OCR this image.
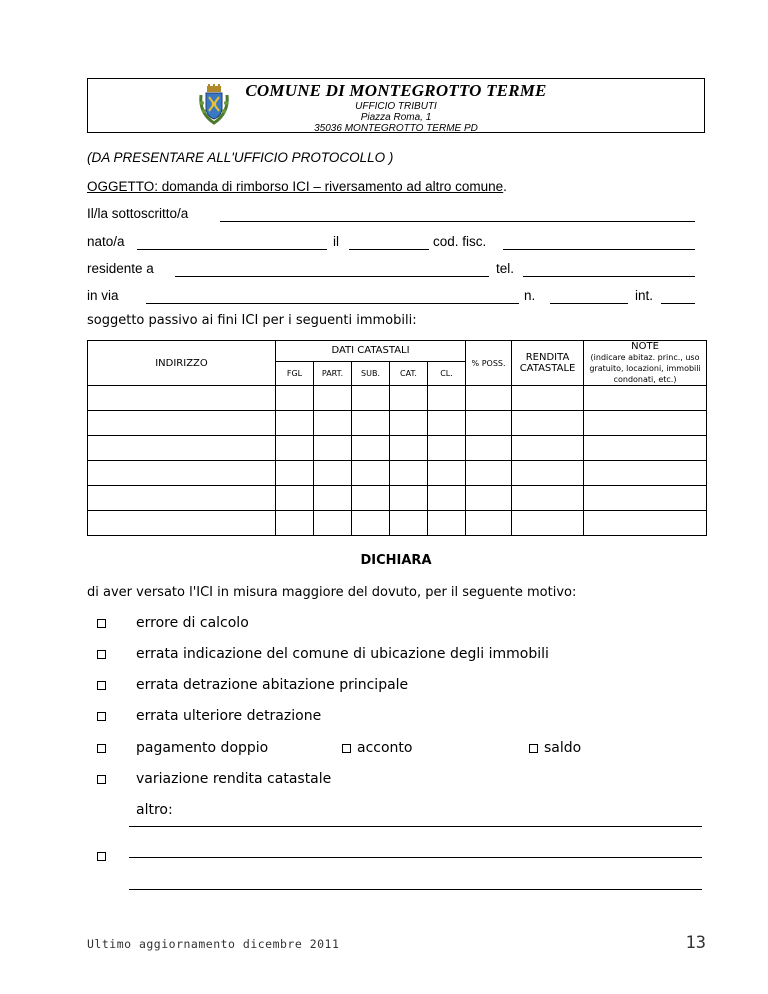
COMUNE DI MONTEGROTTO TERME
UFFICIO TRIBUTI
Piazza Roma, 1
35036 MONTEGROTTO TERME PD
(DA PRESENTARE ALL'UFFICIO PROTOCOLLO )
OGGETTO: domanda di rimborso ICI – riversamento ad altro comune.
Il/la sottoscritto/a
nato/a	il	cod. fisc.
residente a	tel.
in via	n.	int.
soggetto passivo ai fini ICI per i seguenti immobili:
INDIRIZZO	DATI CATASTALI					% POSS.	RENDITA CATASTALE	NOTE
(indicare abitaz. princ., uso gratuito, locazioni, immobili condonati, etc.)

	FGL	PART.	SUB.	CAT.	CL.			

DICHIARA
di aver versato l'ICI in misura maggiore del dovuto, per il seguente motivo:
errore di calcolo
errata indicazione del comune di ubicazione degli immobili
errata detrazione abitazione principale
errata ulteriore detrazione
pagamento doppio	acconto	saldo
variazione rendita catastale
altro:
Ultimo aggiornamento dicembre 2011	13
